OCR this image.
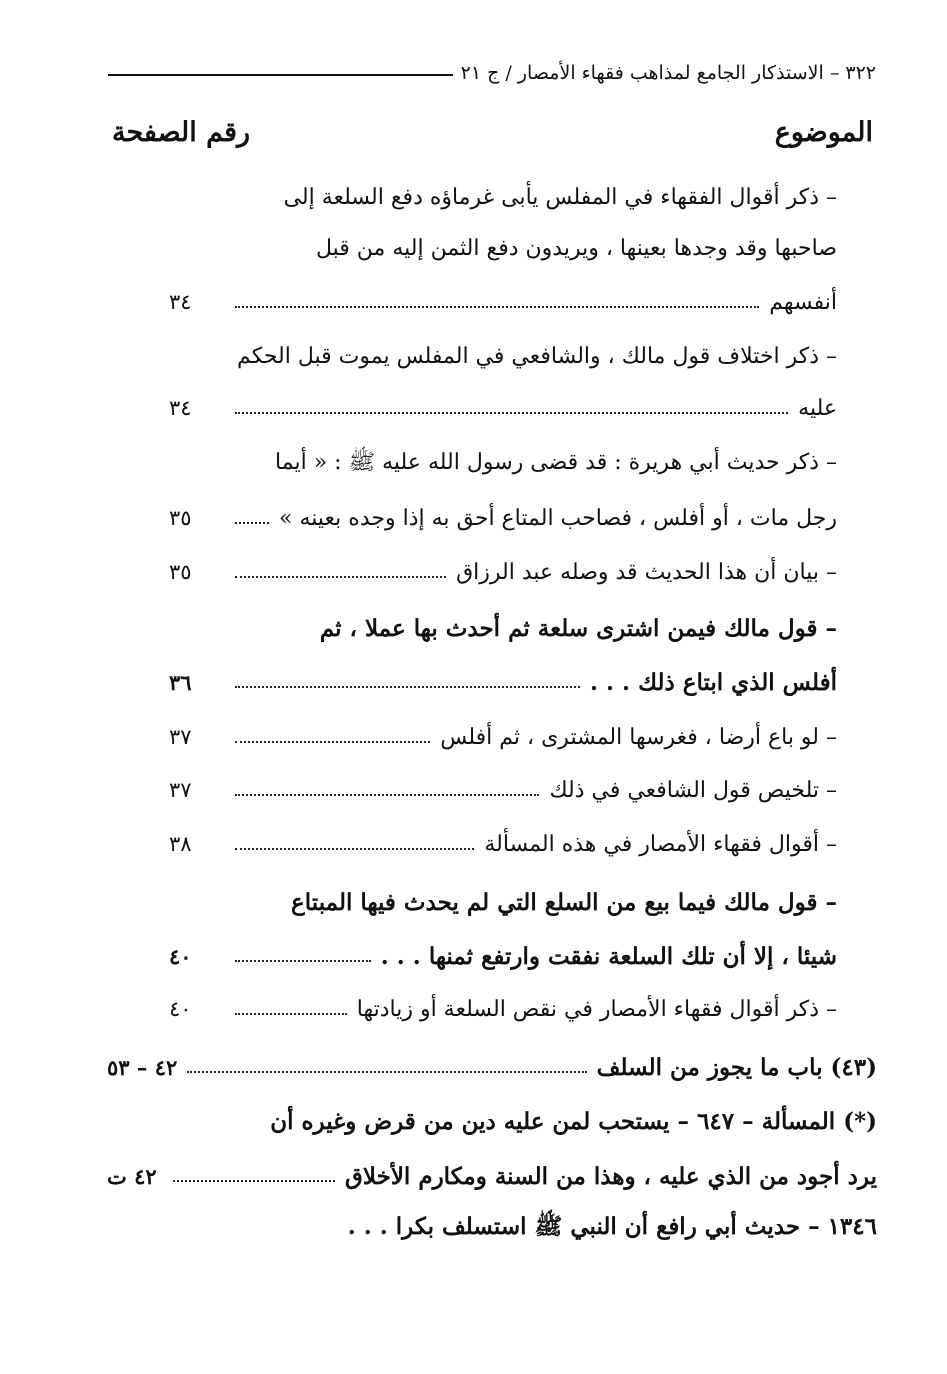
٣٢٢ – الاستذكار الجامع لمذاهب فقهاء الأمصار / ج ٢١
الموضوع
رقم الصفحة
– ذكر أقوال الفقهاء في المفلس يأبى غرماؤه دفع السلعة إلى
صاحبها وقد وجدها بعينها ، ويريدون دفع الثمن إليه من قبل
أنفسهم
٣٤
– ذكر اختلاف قول مالك ، والشافعي في المفلس يموت قبل الحكم
عليه
٣٤
– ذكر حديث أبي هريرة : قد قضى رسول الله عليه ﷺ : « أيما
رجل مات ، أو أفلس ، فصاحب المتاع أحق به إذا وجده بعينه »
٣٥
– بيان أن هذا الحديث قد وصله عبد الرزاق
٣٥
– قول مالك فيمن اشترى سلعة ثم أحدث بها عملا ، ثم
أفلس الذي ابتاع ذلك . . .
٣٦
– لو باع أرضا ، فغرسها المشترى ، ثم أفلس
٣٧
– تلخيص قول الشافعي في ذلك
٣٧
– أقوال فقهاء الأمصار في هذه المسألة
٣٨
– قول مالك فيما بيع من السلع التي لم يحدث فيها المبتاع
شيئا ، إلا أن تلك السلعة نفقت وارتفع ثمنها . . .
٤٠
– ذكر أقوال فقهاء الأمصار في نقص السلعة أو زيادتها
٤٠
(٤٣) باب ما يجوز من السلف
٤٢ – ٥٣
(*) المسألة – ٦٤٧ – يستحب لمن عليه دين من قرض وغيره أن
يرد أجود من الذي عليه ، وهذا من السنة ومكارم الأخلاق
٤٢ ت
١٣٤٦ – حديث أبي رافع أن النبي ﷺ استسلف بكرا . . .
